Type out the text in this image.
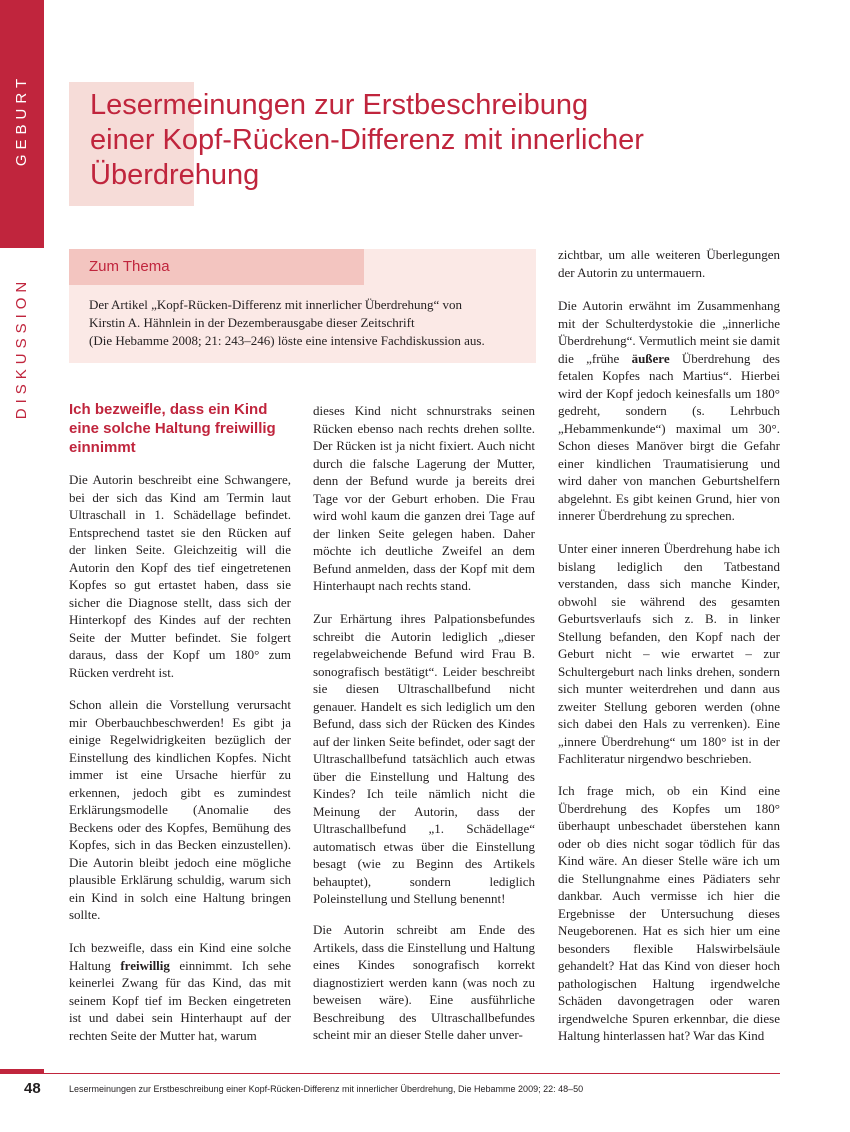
GEBURT
DISKUSSION
Lesermeinungen zur Erstbeschreibung
einer Kopf-Rücken-Differenz mit innerlicher
Überdrehung
Zum Thema
Der Artikel „Kopf-Rücken-Differenz mit innerlicher Überdrehung“ von
Kirstin A. Hähnlein in der Dezemberausgabe dieser Zeitschrift
(Die Hebamme 2008; 21: 243–246) löste eine intensive Fachdiskussion aus.
Ich bezweifle, dass ein Kind eine solche Haltung freiwillig einnimmt

Die Autorin beschreibt eine Schwangere, bei der sich das Kind am Termin laut Ultraschall in 1. Schädellage befindet. Entsprechend tastet sie den Rücken auf der linken Seite. Gleichzeitig will die Autorin den Kopf des tief eingetretenen Kopfes so gut ertastet haben, dass sie sicher die Diagnose stellt, dass sich der Hinterkopf des Kindes auf der rechten Seite der Mutter befindet. Sie folgert daraus, dass der Kopf um 180° zum Rücken verdreht ist.

Schon allein die Vorstellung verursacht mir Oberbauchbeschwerden! Es gibt ja einige Regelwidrigkeiten bezüglich der Einstellung des kindlichen Kopfes. Nicht immer ist eine Ursache hierfür zu erkennen, jedoch gibt es zumindest Erklärungsmodelle (Anomalie des Beckens oder des Kopfes, Bemühung des Kopfes, sich in das Becken einzustellen). Die Autorin bleibt jedoch eine mögliche plausible Erklärung schuldig, warum sich ein Kind in solch eine Haltung bringen sollte.

Ich bezweifle, dass ein Kind eine solche Haltung freiwillig einnimmt. Ich sehe keinerlei Zwang für das Kind, das mit seinem Kopf tief im Becken eingetreten ist und dabei sein Hinterhaupt auf der rechten Seite der Mutter hat, warum

dieses Kind nicht schnurstraks seinen Rücken ebenso nach rechts drehen sollte. Der Rücken ist ja nicht fixiert. Auch nicht durch die falsche Lagerung der Mutter, denn der Befund wurde ja bereits drei Tage vor der Geburt erhoben. Die Frau wird wohl kaum die ganzen drei Tage auf der linken Seite gelegen haben. Daher möchte ich deutliche Zweifel an dem Befund anmelden, dass der Kopf mit dem Hinterhaupt nach rechts stand.

Zur Erhärtung ihres Palpationsbefundes schreibt die Autorin lediglich „dieser regelabweichende Befund wird Frau B. sonografisch bestätigt“. Leider beschreibt sie diesen Ultraschallbefund nicht genauer. Handelt es sich lediglich um den Befund, dass sich der Rücken des Kindes auf der linken Seite befindet, oder sagt der Ultraschallbefund tatsächlich auch etwas über die Einstellung und Haltung des Kindes? Ich teile nämlich nicht die Meinung der Autorin, dass der Ultraschallbefund „1. Schädellage“ automatisch etwas über die Einstellung besagt (wie zu Beginn des Artikels behauptet), sondern lediglich Poleinstellung und Stellung benennt!

Die Autorin schreibt am Ende des Artikels, dass die Einstellung und Haltung eines Kindes sonografisch korrekt diagnostiziert werden kann (was noch zu beweisen wäre). Eine ausführliche Beschreibung des Ultraschallbefundes scheint mir an dieser Stelle daher unver-

zichtbar, um alle weiteren Überlegungen der Autorin zu untermauern.

Die Autorin erwähnt im Zusammenhang mit der Schulterdystokie die „innerliche Überdrehung“. Vermutlich meint sie damit die „frühe äußere Überdrehung des fetalen Kopfes nach Martius“. Hierbei wird der Kopf jedoch keinesfalls um 180° gedreht, sondern (s. Lehrbuch „Hebammenkunde“) maximal um 30°. Schon dieses Manöver birgt die Gefahr einer kindlichen Traumatisierung und wird daher von manchen Geburtshelfern abgelehnt. Es gibt keinen Grund, hier von innerer Überdrehung zu sprechen.

Unter einer inneren Überdrehung habe ich bislang lediglich den Tatbestand verstanden, dass sich manche Kinder, obwohl sie während des gesamten Geburtsverlaufs sich z. B. in linker Stellung befanden, den Kopf nach der Geburt nicht – wie erwartet – zur Schultergeburt nach links drehen, sondern sich munter weiterdrehen und dann aus zweiter Stellung geboren werden (ohne sich dabei den Hals zu verrenken). Eine „innere Überdrehung“ um 180° ist in der Fachliteratur nirgendwo beschrieben.

Ich frage mich, ob ein Kind eine Überdrehung des Kopfes um 180° überhaupt unbeschadet überstehen kann oder ob dies nicht sogar tödlich für das Kind wäre. An dieser Stelle wäre ich um die Stellungnahme eines Pädiaters sehr dankbar. Auch vermisse ich hier die Ergebnisse der Untersuchung dieses Neugeborenen. Hat es sich hier um eine besonders flexible Halswirbelsäule gehandelt? Hat das Kind von dieser hoch pathologischen Haltung irgendwelche Schäden davongetragen oder waren irgendwelche Spuren erkennbar, die diese Haltung hinterlassen hat? War das Kind

48	Lesermeinungen zur Erstbeschreibung einer Kopf-Rücken-Differenz mit innerlicher Überdrehung, Die Hebamme 2009; 22: 48–50
